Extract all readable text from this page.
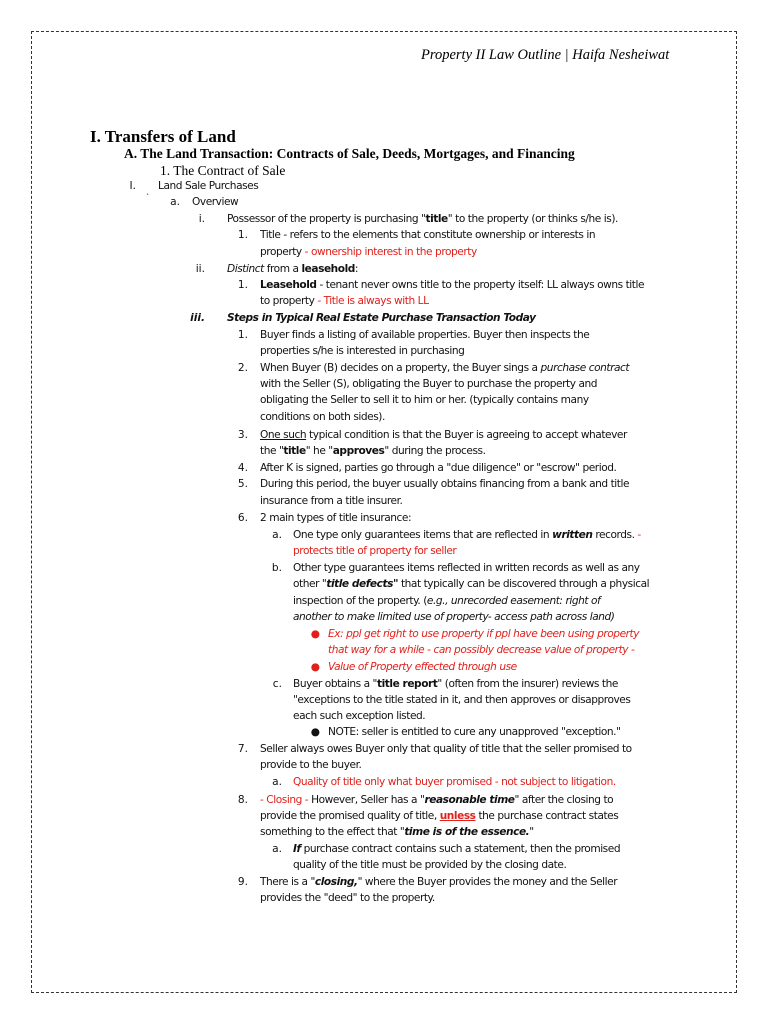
Property II Law Outline | Haifa Nesheiwat
I. Transfers of Land
A. The Land Transaction: Contracts of Sale, Deeds, Mortgages, and Financing
1. The Contract of Sale
I. Land Sale Purchases
`	a. Overview
i. Possessor of the property is purchasing "title" to the property (or thinks s/he is).
1. Title - refers to the elements that constitute ownership or interests in
property - ownership interest in the property
ii. Distinct from a leasehold:
1. Leasehold - tenant never owns title to the property itself: LL always owns title
to property - Title is always with LL
iii. Steps in Typical Real Estate Purchase Transaction Today
1. Buyer finds a listing of available properties. Buyer then inspects the
properties s/he is interested in purchasing
2. When Buyer (B) decides on a property, the Buyer sings a purchase contract
with the Seller (S), obligating the Buyer to purchase the property and
obligating the Seller to sell it to him or her. (typically contains many
conditions on both sides).
3. One such typical condition is that the Buyer is agreeing to accept whatever
the "title" he "approves" during the process.
4. After K is signed, parties go through a "due diligence" or "escrow" period.
5. During this period, the buyer usually obtains financing from a bank and title
insurance from a title insurer.
6. 2 main types of title insurance:
a. One type only guarantees items that are reflected in written records. -
protects title of property for seller
b. Other type guarantees items reflected in written records as well as any
other "title defects" that typically can be discovered through a physical
inspection of the property. (e.g., unrecorded easement: right of
another to make limited use of property- access path across land)
● Ex: ppl get right to use property if ppl have been using property
that way for a while - can possibly decrease value of property -
● Value of Property effected through use
c. Buyer obtains a "title report" (often from the insurer) reviews the
"exceptions to the title stated in it, and then approves or disapproves
each such exception listed.
● NOTE: seller is entitled to cure any unapproved "exception."
7. Seller always owes Buyer only that quality of title that the seller promised to
provide to the buyer.
a. Quality of title only what buyer promised - not subject to litigation.
8. - Closing - However, Seller has a "reasonable time" after the closing to
provide the promised quality of title, unless the purchase contract states
something to the effect that "time is of the essence."
a. If purchase contract contains such a statement, then the promised
quality of the title must be provided by the closing date.
9. There is a "closing," where the Buyer provides the money and the Seller
provides the "deed" to the property.
